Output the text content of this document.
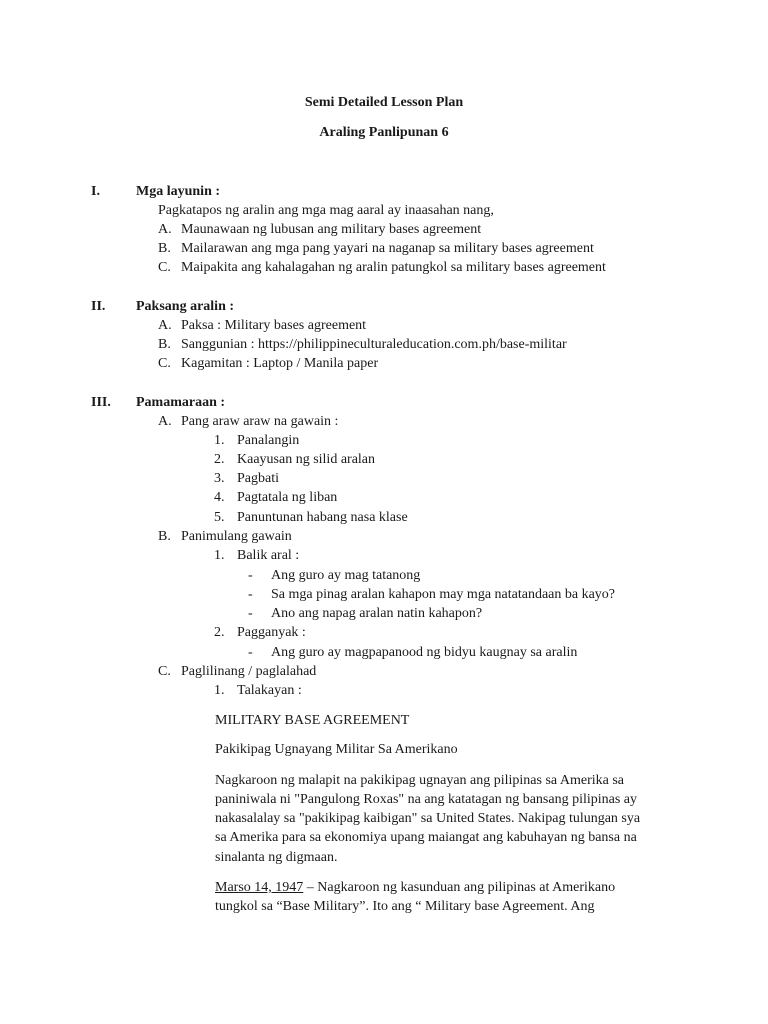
Semi Detailed Lesson Plan
Araling Panlipunan 6
I.	Mga layunin :
Pagkatapos ng aralin ang mga mag aaral ay inaasahan nang,
A. Maunawaan ng lubusan ang military bases agreement
B. Mailarawan ang mga pang yayari na naganap sa military bases agreement
C. Maipakita ang kahalagahan ng aralin patungkol sa military bases agreement
II. Paksang aralin :
A. Paksa : Military bases agreement
B. Sanggunian : https://philippineculturaleducation.com.ph/base-militar
C. Kagamitan : Laptop / Manila paper
III. Pamamaraan :
A. Pang araw araw na gawain :
1. Panalangin
2. Kaayusan ng silid aralan
3. Pagbati
4. Pagtatala ng liban
5. Panuntunan habang nasa klase
B. Panimulang gawain
1. Balik aral :
- Ang guro ay mag tatanong
- Sa mga pinag aralan kahapon may mga natatandaan ba kayo?
- Ano ang napag aralan natin kahapon?
2. Pagganyak :
- Ang guro ay magpapanood ng bidyu kaugnay sa aralin
C. Paglilinang / paglalahad
1. Talakayan :
MILITARY BASE AGREEMENT
Pakikipag Ugnayang Militar Sa Amerikano
Nagkaroon ng malapit na pakikipag ugnayan ang pilipinas sa Amerika sa
paniniwala ni "Pangulong Roxas" na ang katatagan ng bansang pilipinas ay
nakasalalay sa "pakikipag kaibigan" sa United States. Nakipag tulungan sya
sa Amerika para sa ekonomiya upang maiangat ang kabuhayan ng bansa na
sinalanta ng digmaan.
Marso 14, 1947 – Nagkaroon ng kasunduan ang pilipinas at Amerikano
tungkol sa “Base Military”. Ito ang “ Military base Agreement. Ang
